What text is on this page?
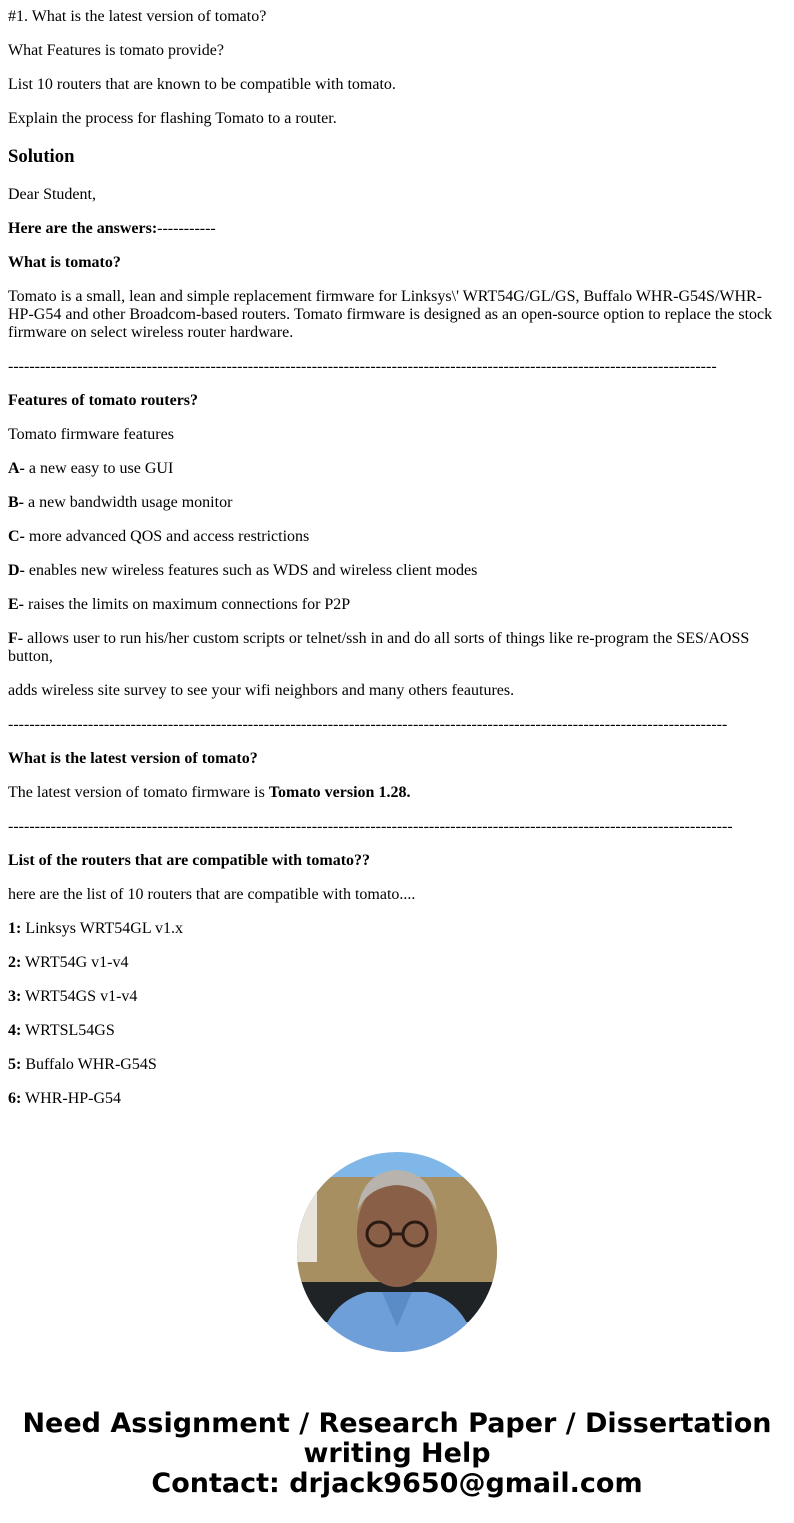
#1. What is the latest version of tomato?

What Features is tomato provide?

List 10 routers that are known to be compatible with tomato.

Explain the process for flashing Tomato to a router.

Solution

Dear Student,

Here are the answers:-----------

What is tomato?

Tomato is a small, lean and simple replacement firmware for Linksys\' WRT54G/GL/GS, Buffalo WHR-G54S/WHR-HP-G54 and other Broadcom-based routers. Tomato firmware is designed as an open-source option to replace the stock firmware on select wireless router hardware.

-------------------------------------------------------------------------------------------------------------------------------------

Features of tomato routers?

Tomato firmware features

A- a new easy to use GUI

B- a new bandwidth usage monitor

C- more advanced QOS and access restrictions

D- enables new wireless features such as WDS and wireless client modes

E- raises the limits on maximum connections for P2P

F- allows user to run his/her custom scripts or telnet/ssh in and do all sorts of things like re-program the SES/AOSS button,

adds wireless site survey to see your wifi neighbors and many others feautures.

---------------------------------------------------------------------------------------------------------------------------------------

What is the latest version of tomato?

The latest version of tomato firmware is Tomato version 1.28.

----------------------------------------------------------------------------------------------------------------------------------------

List of the routers that are compatible with tomato??

here are the list of 10 routers that are compatible with tomato....

1: Linksys WRT54GL v1.x

2: WRT54G v1-v4

3: WRT54GS v1-v4

4: WRTSL54GS

5: Buffalo WHR-G54S

6: WHR-HP-G54

Need Assignment / Research Paper / Dissertation writing Help
Contact: drjack9650@gmail.com
